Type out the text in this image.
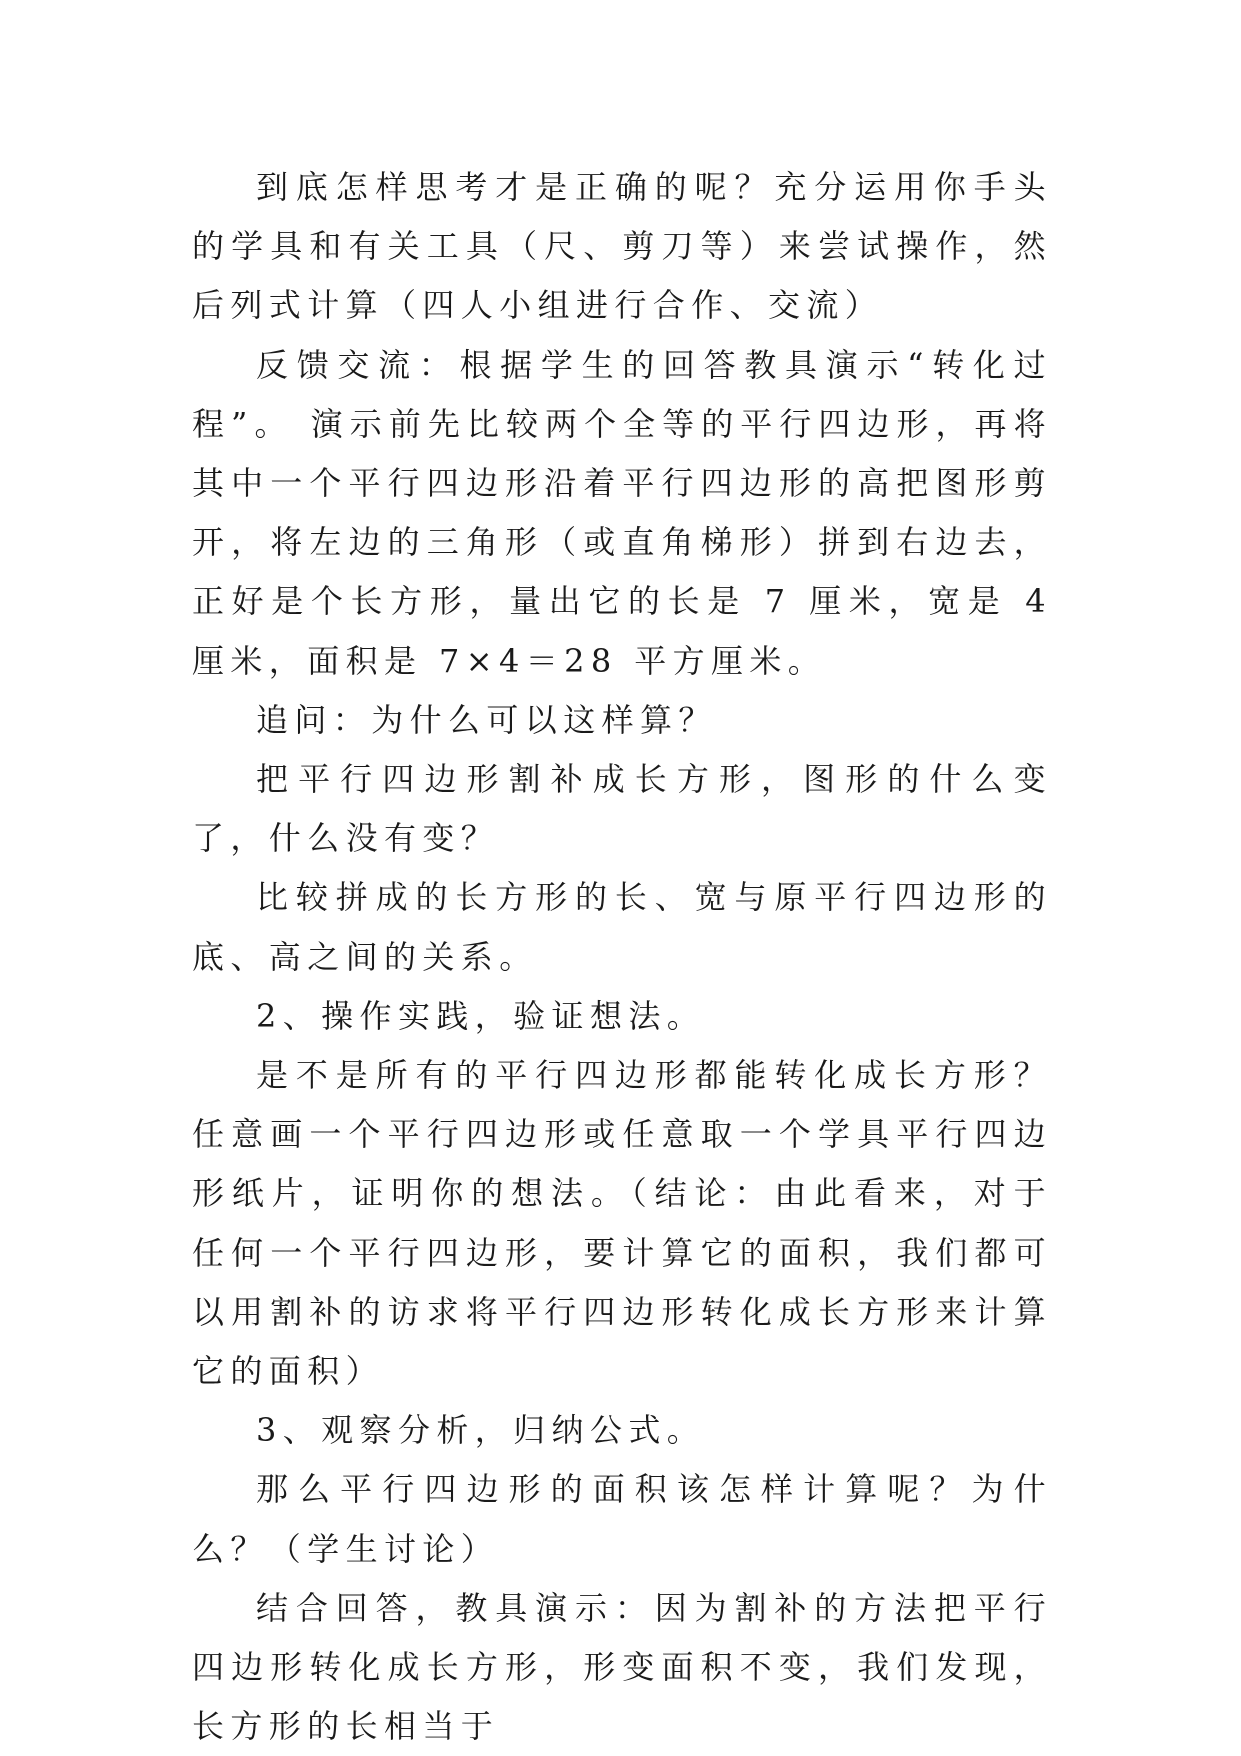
到底怎样思考才是正确的呢？充分运用你手头的学具和有关工具（尺、剪刀等）来尝试操作，然后列式计算（四人小组进行合作、交流）

反馈交流：根据学生的回答教具演示“转化过程”。 演示前先比较两个全等的平行四边形，再将其中一个平行四边形沿着平行四边形的高把图形剪开，将左边的三角形（或直角梯形）拼到右边去，正好是个长方形，量出它的长是 7 厘米，宽是 4 厘米，面积是 7×4＝28 平方厘米。

追问：为什么可以这样算？

把平行四边形割补成长方形，图形的什么变了，什么没有变？

比较拼成的长方形的长、宽与原平行四边形的底、高之间的关系。

2、操作实践，验证想法。

是不是所有的平行四边形都能转化成长方形？任意画一个平行四边形或任意取一个学具平行四边形纸片，证明你的想法。（结论：由此看来，对于任何一个平行四边形，要计算它的面积，我们都可以用割补的访求将平行四边形转化成长方形来计算它的面积）

3、观察分析，归纳公式。

那么平行四边形的面积该怎样计算呢？为什么？（学生讨论）

结合回答，教具演示：因为割补的方法把平行四边形转化成长方形，形变面积不变，我们发现，长方形的长相当于
